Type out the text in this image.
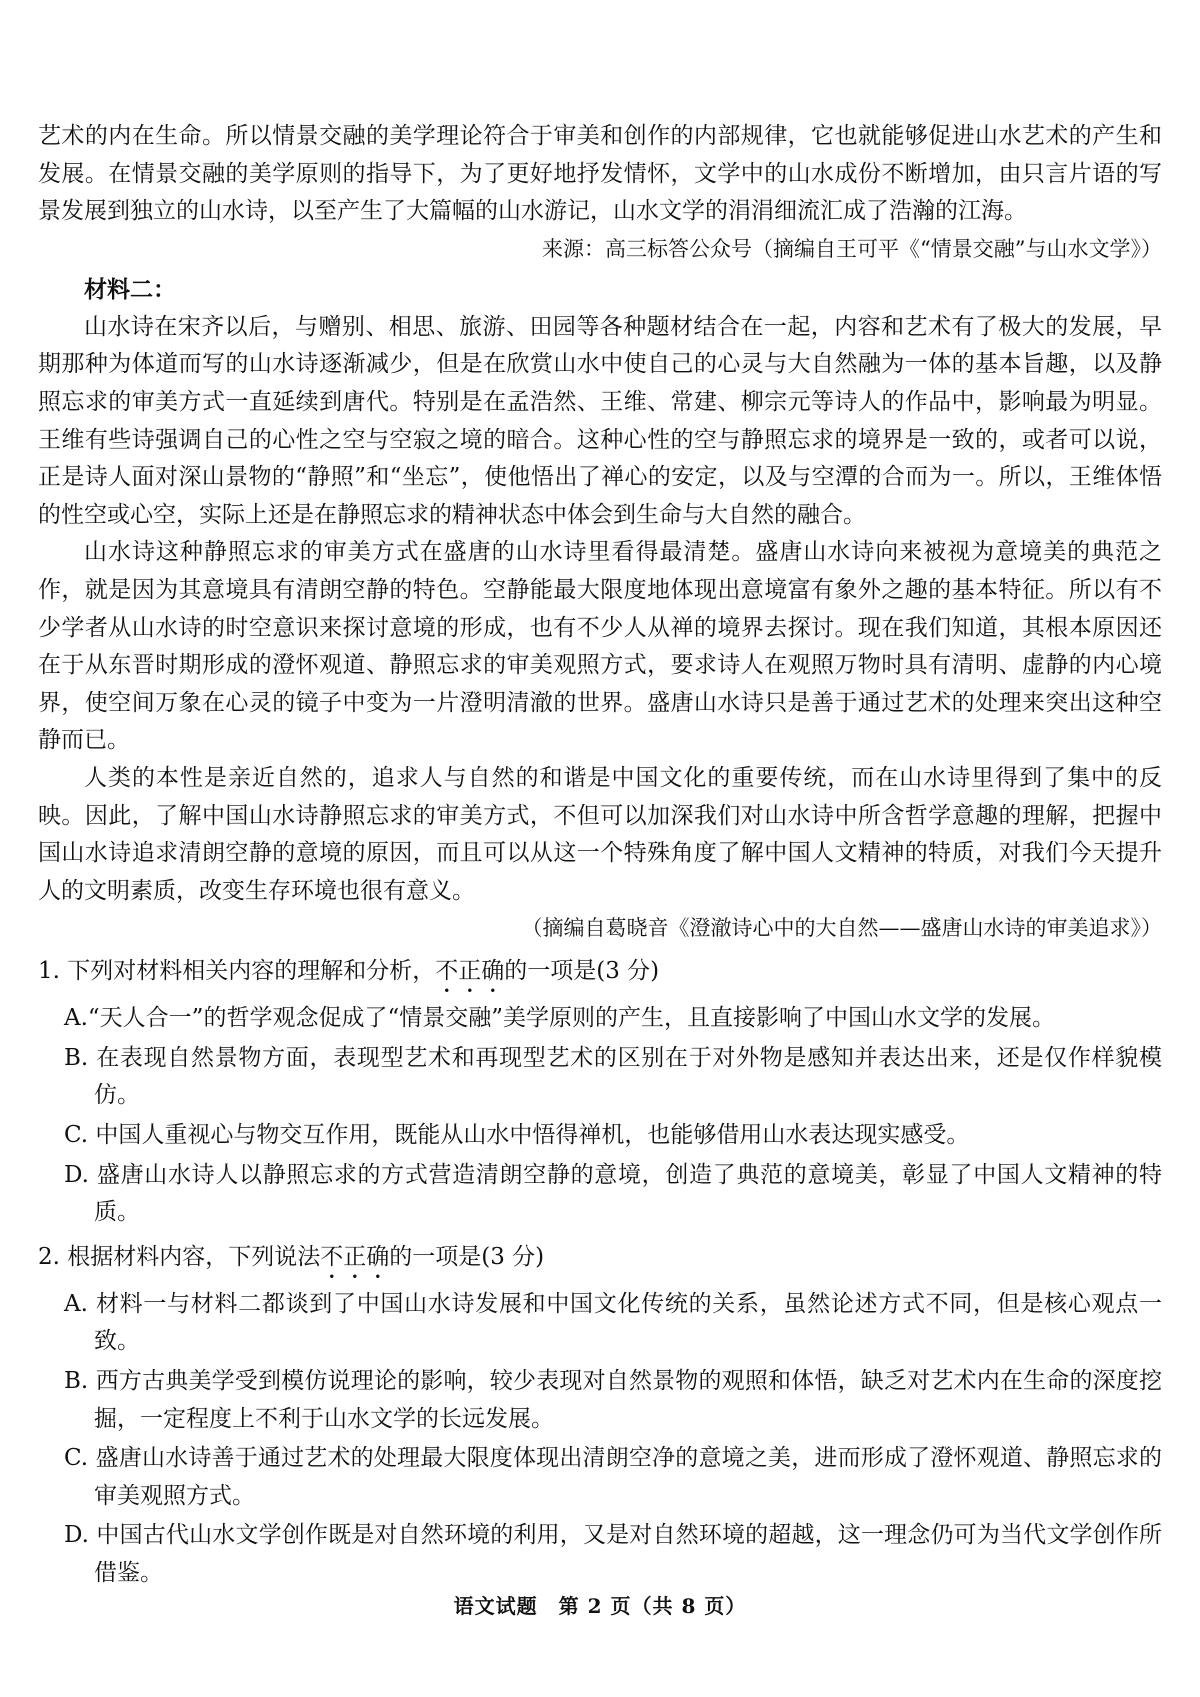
艺术的内在生命。所以情景交融的美学理论符合于审美和创作的内部规律，它也就能够促进山水艺术的产生和发展。在情景交融的美学原则的指导下，为了更好地抒发情怀，文学中的山水成份不断增加，由只言片语的写景发展到独立的山水诗，以至产生了大篇幅的山水游记，山水文学的涓涓细流汇成了浩瀚的江海。

来源：高三标答公众号（摘编自王可平《“情景交融”与山水文学》）

材料二：

山水诗在宋齐以后，与赠别、相思、旅游、田园等各种题材结合在一起，内容和艺术有了极大的发展，早期那种为体道而写的山水诗逐渐减少，但是在欣赏山水中使自己的心灵与大自然融为一体的基本旨趣，以及静照忘求的审美方式一直延续到唐代。特别是在孟浩然、王维、常建、柳宗元等诗人的作品中，影响最为明显。王维有些诗强调自己的心性之空与空寂之境的暗合。这种心性的空与静照忘求的境界是一致的，或者可以说，正是诗人面对深山景物的“静照”和“坐忘”，使他悟出了禅心的安定，以及与空潭的合而为一。所以，王维体悟的性空或心空，实际上还是在静照忘求的精神状态中体会到生命与大自然的融合。

山水诗这种静照忘求的审美方式在盛唐的山水诗里看得最清楚。盛唐山水诗向来被视为意境美的典范之作，就是因为其意境具有清朗空静的特色。空静能最大限度地体现出意境富有象外之趣的基本特征。所以有不少学者从山水诗的时空意识来探讨意境的形成，也有不少人从禅的境界去探讨。现在我们知道，其根本原因还在于从东晋时期形成的澄怀观道、静照忘求的审美观照方式，要求诗人在观照万物时具有清明、虚静的内心境界，使空间万象在心灵的镜子中变为一片澄明清澈的世界。盛唐山水诗只是善于通过艺术的处理来突出这种空静而已。

人类的本性是亲近自然的，追求人与自然的和谐是中国文化的重要传统，而在山水诗里得到了集中的反映。因此，了解中国山水诗静照忘求的审美方式，不但可以加深我们对山水诗中所含哲学意趣的理解，把握中国山水诗追求清朗空静的意境的原因，而且可以从这一个特殊角度了解中国人文精神的特质，对我们今天提升人的文明素质，改变生存环境也很有意义。

（摘编自葛晓音《澄澈诗心中的大自然——盛唐山水诗的审美追求》）

1. 下列对材料相关内容的理解和分析，不正确的一项是(3 分)

A.“天人合一”的哲学观念促成了“情景交融”美学原则的产生，且直接影响了中国山水文学的发展。

B. 在表现自然景物方面，表现型艺术和再现型艺术的区别在于对外物是感知并表达出来，还是仅作样貌模仿。

C. 中国人重视心与物交互作用，既能从山水中悟得禅机，也能够借用山水表达现实感受。

D. 盛唐山水诗人以静照忘求的方式营造清朗空静的意境，创造了典范的意境美，彰显了中国人文精神的特质。

2. 根据材料内容，下列说法不正确的一项是(3 分)

A. 材料一与材料二都谈到了中国山水诗发展和中国文化传统的关系，虽然论述方式不同，但是核心观点一致。

B. 西方古典美学受到模仿说理论的影响，较少表现对自然景物的观照和体悟，缺乏对艺术内在生命的深度挖掘，一定程度上不利于山水文学的长远发展。

C. 盛唐山水诗善于通过艺术的处理最大限度体现出清朗空净的意境之美，进而形成了澄怀观道、静照忘求的审美观照方式。

D. 中国古代山水文学创作既是对自然环境的利用，又是对自然环境的超越，这一理念仍可为当代文学创作所借鉴。

语文试题　第 2 页（共 8 页）
